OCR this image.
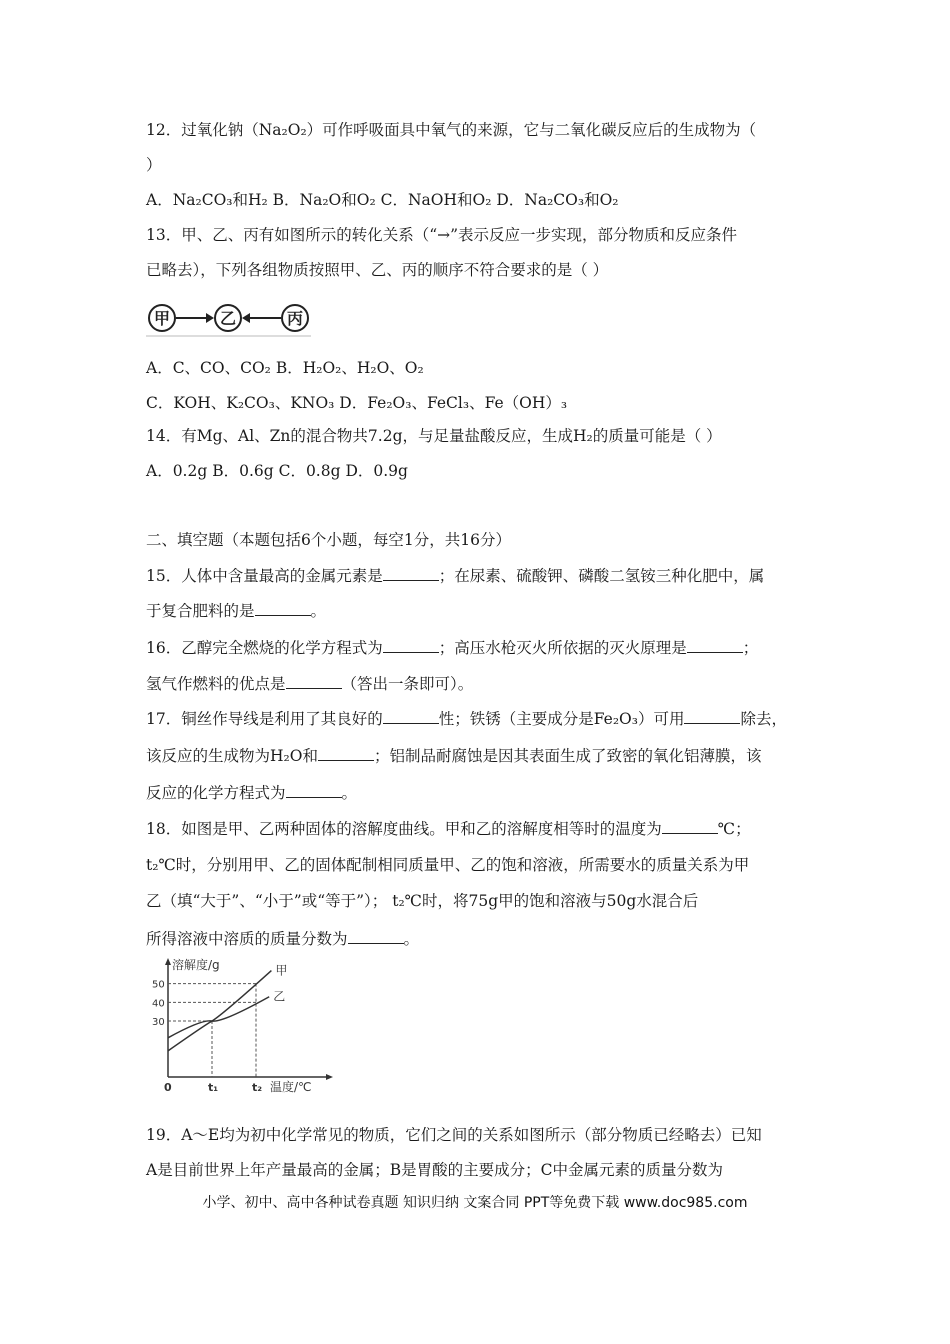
12．过氧化钠（Na₂O₂）可作呼吸面具中氧气的来源，它与二氧化碳反应后的生成物为（
）
A．Na₂CO₃和H₂ B．Na₂O和O₂ C．NaOH和O₂ D．Na₂CO₃和O₂
13．甲、乙、丙有如图所示的转化关系（“→”表示反应一步实现，部分物质和反应条件
已略去），下列各组物质按照甲、乙、丙的顺序不符合要求的是（ ）
甲	乙	丙
A．C、CO、CO₂ B．H₂O₂、H₂O、O₂
C．KOH、K₂CO₃、KNO₃ D．Fe₂O₃、FeCl₃、Fe（OH）₃
14．有Mg、Al、Zn的混合物共7.2g，与足量盐酸反应，生成H₂的质量可能是（ ）
A．0.2g B．0.6g C．0.8g D．0.9g
二、填空题（本题包括6个小题，每空1分，共16分）
15．人体中含量最高的金属元素是	；在尿素、硫酸钾、磷酸二氢铵三种化肥中，属
于复合肥料的是	。
16．乙醇完全燃烧的化学方程式为	；高压水枪灭火所依据的灭火原理是	；
氢气作燃料的优点是	（答出一条即可）。
17．铜丝作导线是利用了其良好的	性；铁锈（主要成分是Fe₂O₃）可用	除去，
该反应的生成物为H₂O和	；铝制品耐腐蚀是因其表面生成了致密的氧化铝薄膜，该
反应的化学方程式为	。
18．如图是甲、乙两种固体的溶解度曲线。甲和乙的溶解度相等时的温度为	℃；
t₂℃时，分别用甲、乙的固体配制相同质量甲、乙的饱和溶液，所需要水的质量关系为甲
乙（填“大于”、“小于”或“等于”）； t₂℃时，将75g甲的饱和溶液与50g水混合后
所得溶液中溶质的质量分数为	。
溶解度/g
温度/℃
30
40
50
0	t₁	t₂
甲
乙
19．A～E均为初中化学常见的物质，它们之间的关系如图所示（部分物质已经略去）已知
A是目前世界上年产量最高的金属；B是胃酸的主要成分；C中金属元素的质量分数为
小学、初中、高中各种试卷真题 知识归纳 文案合同 PPT等免费下载 www.doc985.com
